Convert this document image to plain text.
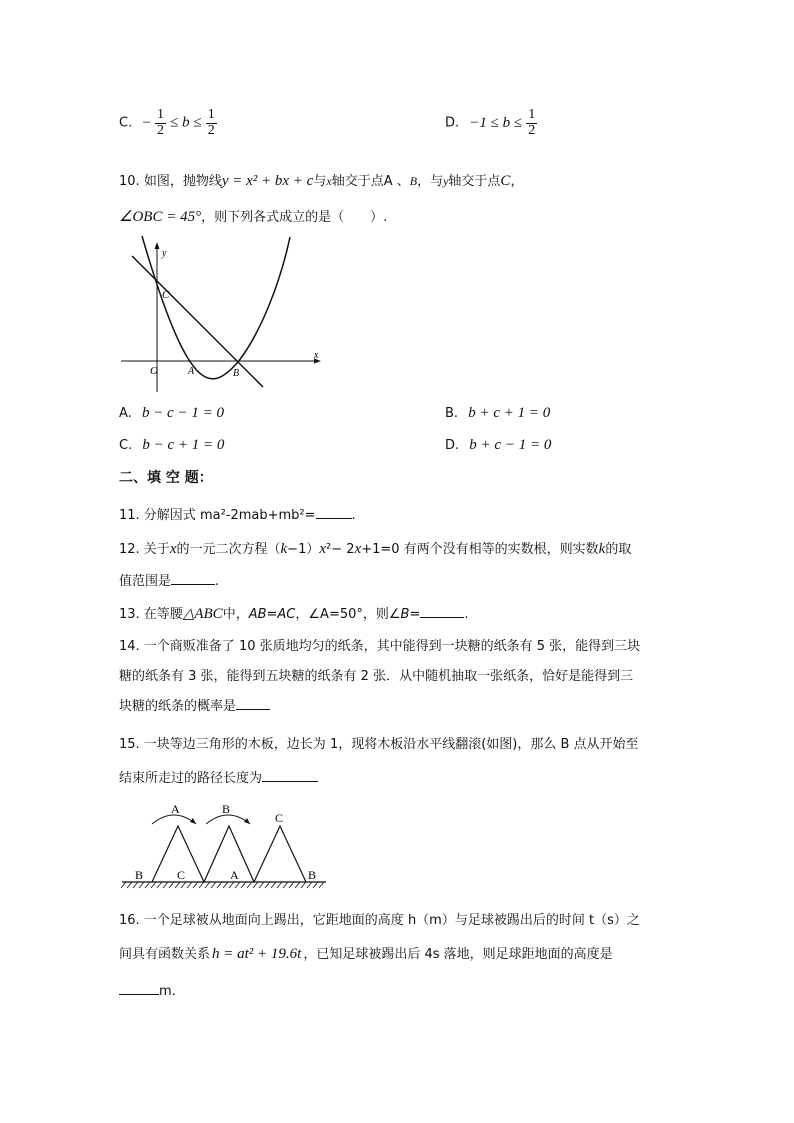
C. − $\frac{1}{2} \le b \le \frac{1}{2}$	D. $-1 \le b \le \frac{1}{2}$
10. 如图，抛物线y = x² + bx + c与x轴交于点A 、B，与y轴交于点C，
∠OBC = 45°，则下列各式成立的是（　　）.
y
x
C
O	A	B
A. b − c − 1 = 0	B. b + c + 1 = 0
C. b − c + 1 = 0	D. b + c − 1 = 0
二、填 空 题：
11. 分解因式 ma²-2mab+mb²=	.
12. 关于x的一元二次方程（k−1）x²− 2x+1=0 有两个没有相等的实数根，则实数k的取
值范围是	.
13. 在等腰△ABC中，AB=AC，∠A=50°，则∠B=	.
14. 一个商贩准备了 10 张质地均匀的纸条，其中能得到一块糖的纸条有 5 张，能得到三块
糖的纸条有 3 张，能得到五块糖的纸条有 2 张．从中随机抽取一张纸条，恰好是能得到三
块糖的纸条的概率是
15. 一块等边三角形的木板，边长为 1，现将木板沿水平线翻滚(如图)，那么 B 点从开始至
结束所走过的路径长度为
A	B
C
B	C	A	B
16. 一个足球被从地面向上踢出，它距地面的高度 h（m）与足球被踢出后的时间 t（s）之
间具有函数关系 h = at² + 19.6t ，已知足球被踢出后 4s 落地，则足球距地面的高度是
m.
